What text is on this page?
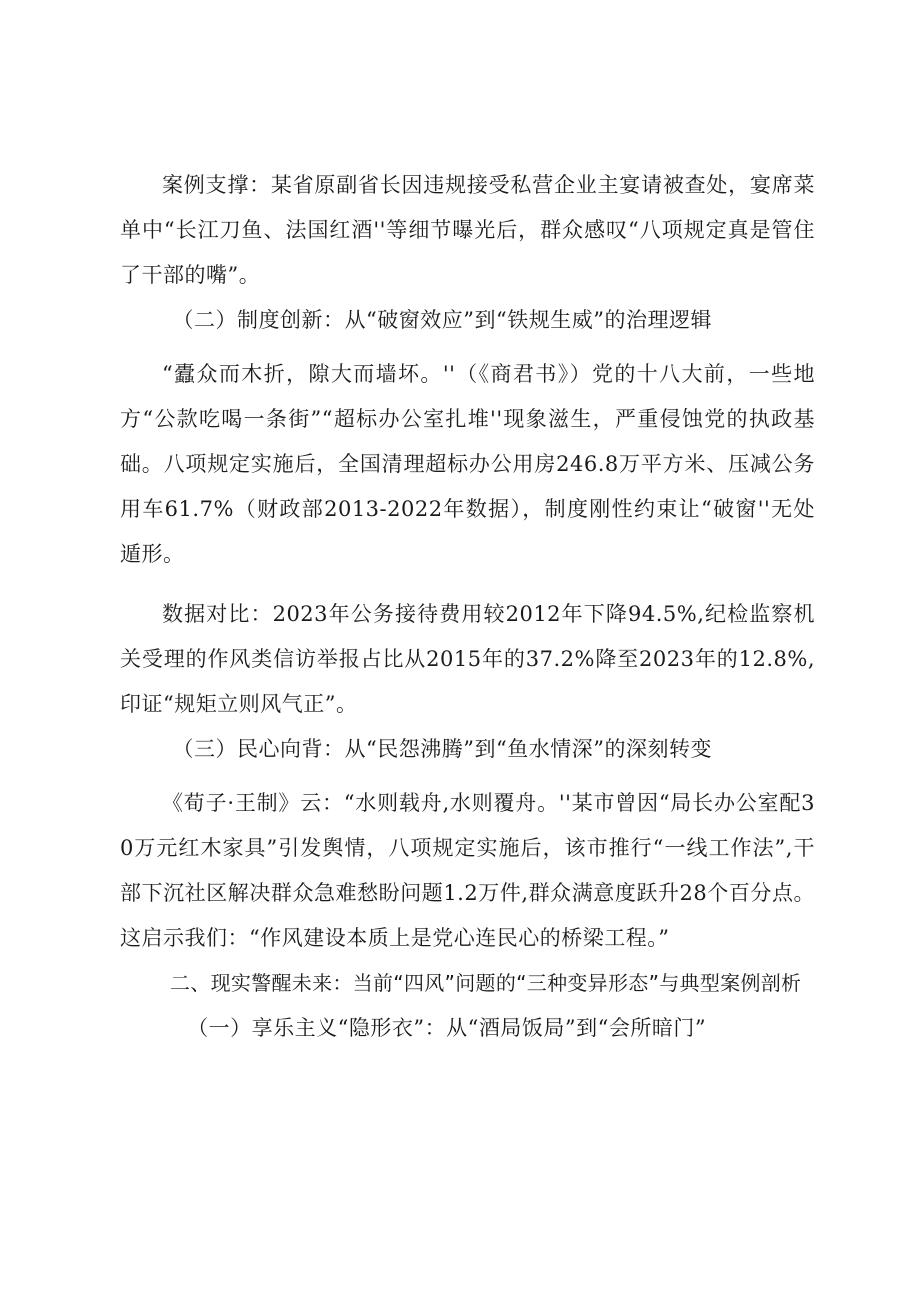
案例支撑：某省原副省长因违规接受私营企业主宴请被查处，宴席菜单中“长江刀鱼、法国红酒''等细节曝光后，群众感叹“八项规定真是管住了干部的嘴”。

（二）制度创新：从“破窗效应”到“铁规生威”的治理逻辑

“蠹众而木折，隙大而墙坏。''（《商君书》）党的十八大前，一些地方“公款吃喝一条街”“超标办公室扎堆''现象滋生，严重侵蚀党的执政基础。八项规定实施后，全国清理超标办公用房246.8万平方米、压减公务用车61.7%（财政部2013-2022年数据），制度刚性约束让“破窗''无处遁形。

数据对比：2023年公务接待费用较2012年下降94.5%,纪检监察机关受理的作风类信访举报占比从2015年的37.2%降至2023年的12.8%,印证“规矩立则风气正”。

（三）民心向背：从“民怨沸腾”到“鱼水情深”的深刻转变

《荀子·王制》云：“水则载舟,水则覆舟。''某市曾因“局长办公室配30万元红木家具”引发舆情，八项规定实施后，该市推行“一线工作法”,干部下沉社区解决群众急难愁盼问题1.2万件,群众满意度跃升28个百分点。这启示我们：“作风建设本质上是党心连民心的桥梁工程。”

二、现实警醒未来：当前“四风”问题的“三种变异形态”与典型案例剖析

（一）享乐主义“隐形衣”：从“酒局饭局”到“会所暗门”
